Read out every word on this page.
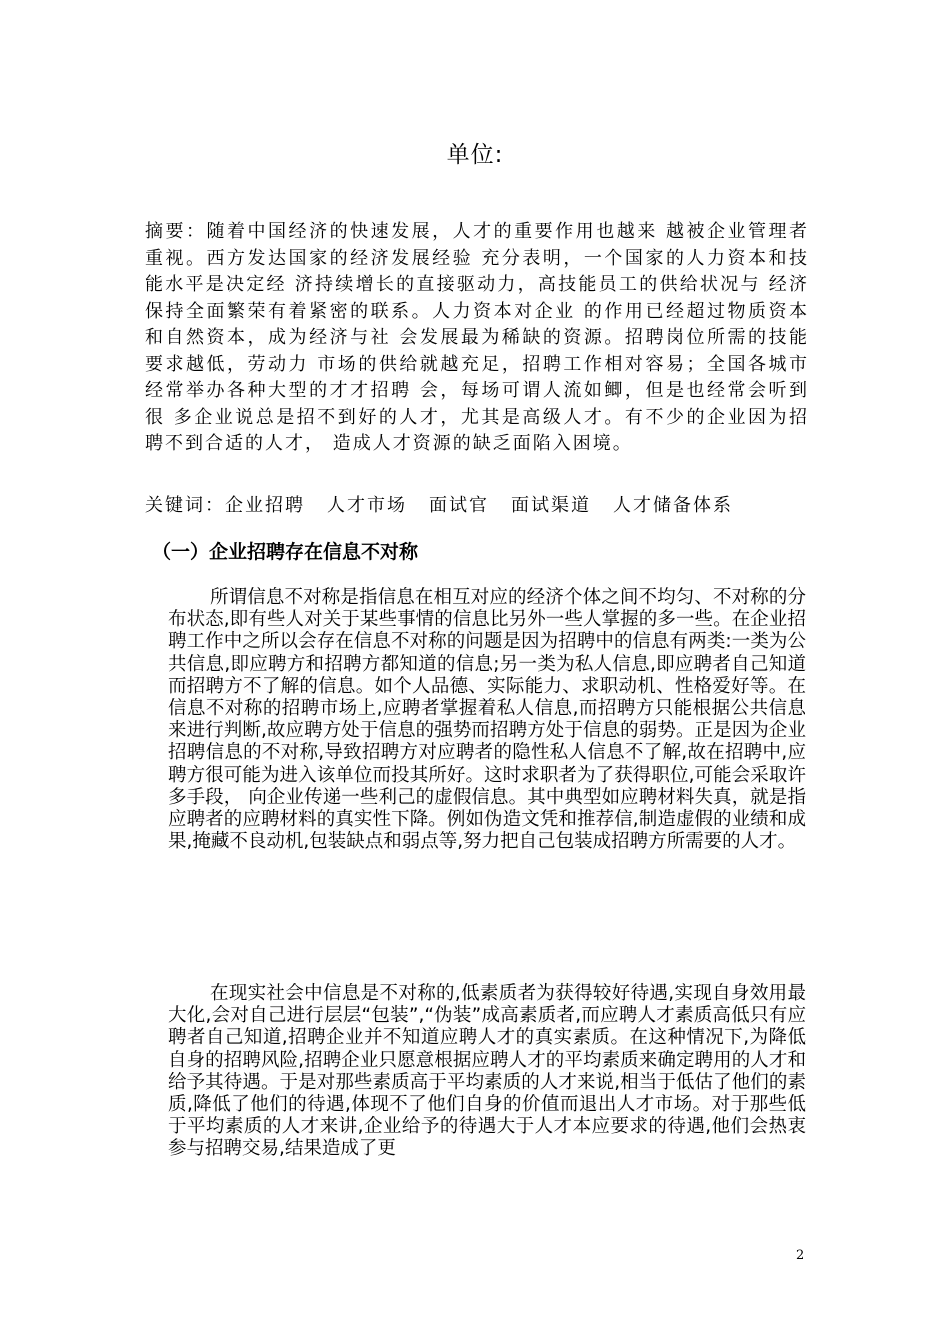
单位:

摘要：随着中国经济的快速发展，人才的重要作用也越来 越被企业管理者重视。西方发达国家的经济发展经验 充分表明，一个国家的人力资本和技能水平是决定经 济持续增长的直接驱动力，高技能员工的供给状况与 经济保持全面繁荣有着紧密的联系。人力资本对企业 的作用已经超过物质资本和自然资本，成为经济与社 会发展最为稀缺的资源。招聘岗位所需的技能要求越低，劳动力 市场的供给就越充足，招聘工作相对容易；全国各城市经常举办各种大型的才才招聘 会，每场可谓人流如鲫，但是也经常会听到很 多企业说总是招不到好的人才，尤其是高级人才。有不少的企业因为招聘不到合适的人才， 造成人才资源的缺乏面陷入困境。

关键词：企业招聘 人才市场 面试官 面试渠道 人才储备体系

（一）企业招聘存在信息不对称

所谓信息不对称是指信息在相互对应的经济个体之间不均匀、不对称的分布状态,即有些人对关于某些事情的信息比另外一些人掌握的多一些。在企业招聘工作中之所以会存在信息不对称的问题是因为招聘中的信息有两类:一类为公共信息,即应聘方和招聘方都知道的信息;另一类为私人信息,即应聘者自己知道而招聘方不了解的信息。如个人品德、实际能力、求职动机、性格爱好等。在信息不对称的招聘市场上,应聘者掌握着私人信息,而招聘方只能根据公共信息来进行判断,故应聘方处于信息的强势而招聘方处于信息的弱势。正是因为企业招聘信息的不对称,导致招聘方对应聘者的隐性私人信息不了解,故在招聘中,应聘方很可能为进入该单位而投其所好。这时求职者为了获得职位,可能会采取许多手段， 向企业传递一些利己的虚假信息。其中典型如应聘材料失真，就是指应聘者的应聘材料的真实性下降。例如伪造文凭和推荐信,制造虚假的业绩和成果,掩藏不良动机,包装缺点和弱点等,努力把自己包装成招聘方所需要的人才。

在现实社会中信息是不对称的,低素质者为获得较好待遇,实现自身效用最大化,会对自己进行层层“包装”,“伪装”成高素质者,而应聘人才素质高低只有应聘者自己知道,招聘企业并不知道应聘人才的真实素质。在这种情况下,为降低自身的招聘风险,招聘企业只愿意根据应聘人才的平均素质来确定聘用的人才和给予其待遇。于是对那些素质高于平均素质的人才来说,相当于低估了他们的素质,降低了他们的待遇,体现不了他们自身的价值而退出人才市场。对于那些低于平均素质的人才来讲,企业给予的待遇大于人才本应要求的待遇,他们会热衷参与招聘交易,结果造成了更

2
